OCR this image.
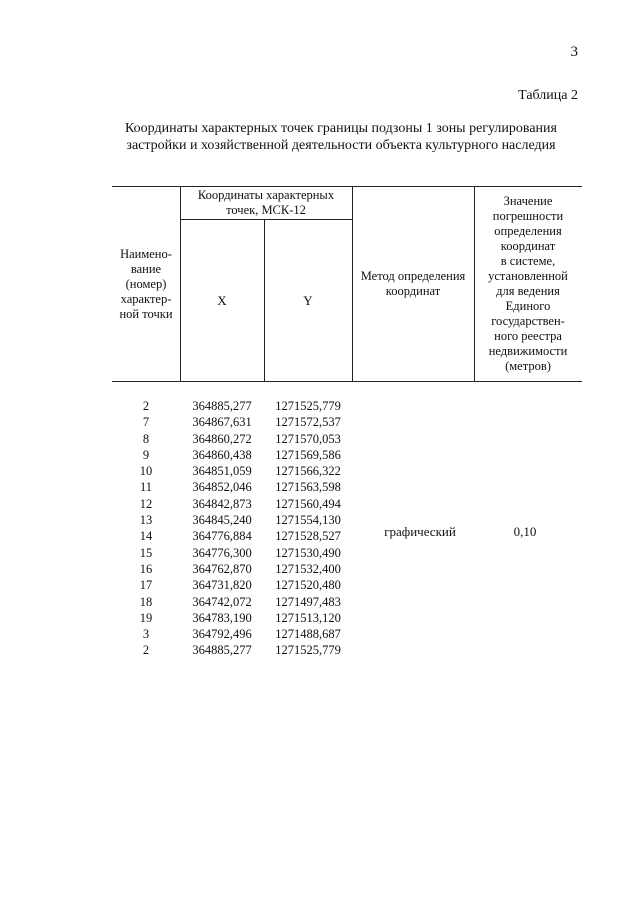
3
Таблица 2
Координаты характерных точек границы подзоны 1 зоны регулирования
застройки и хозяйственной деятельности объекта культурного наследия
Наимено-
вание
(номер)
характер-
ной точки
Координаты характерных
точек, МСК-12
X	Y
Метод определения
координат
Значение
погрешности
определения
координат
в системе,
установленной
для ведения
Единого
государствен-
ного реестра
недвижимости
(метров)
2	364885,277	1271525,779
7	364867,631	1271572,537
8	364860,272	1271570,053
9	364860,438	1271569,586
10	364851,059	1271566,322
11	364852,046	1271563,598
12	364842,873	1271560,494
13	364845,240	1271554,130
14	364776,884	1271528,527
15	364776,300	1271530,490
16	364762,870	1271532,400
17	364731,820	1271520,480
18	364742,072	1271497,483
19	364783,190	1271513,120
3	364792,496	1271488,687
2	364885,277	1271525,779
графический	0,10
